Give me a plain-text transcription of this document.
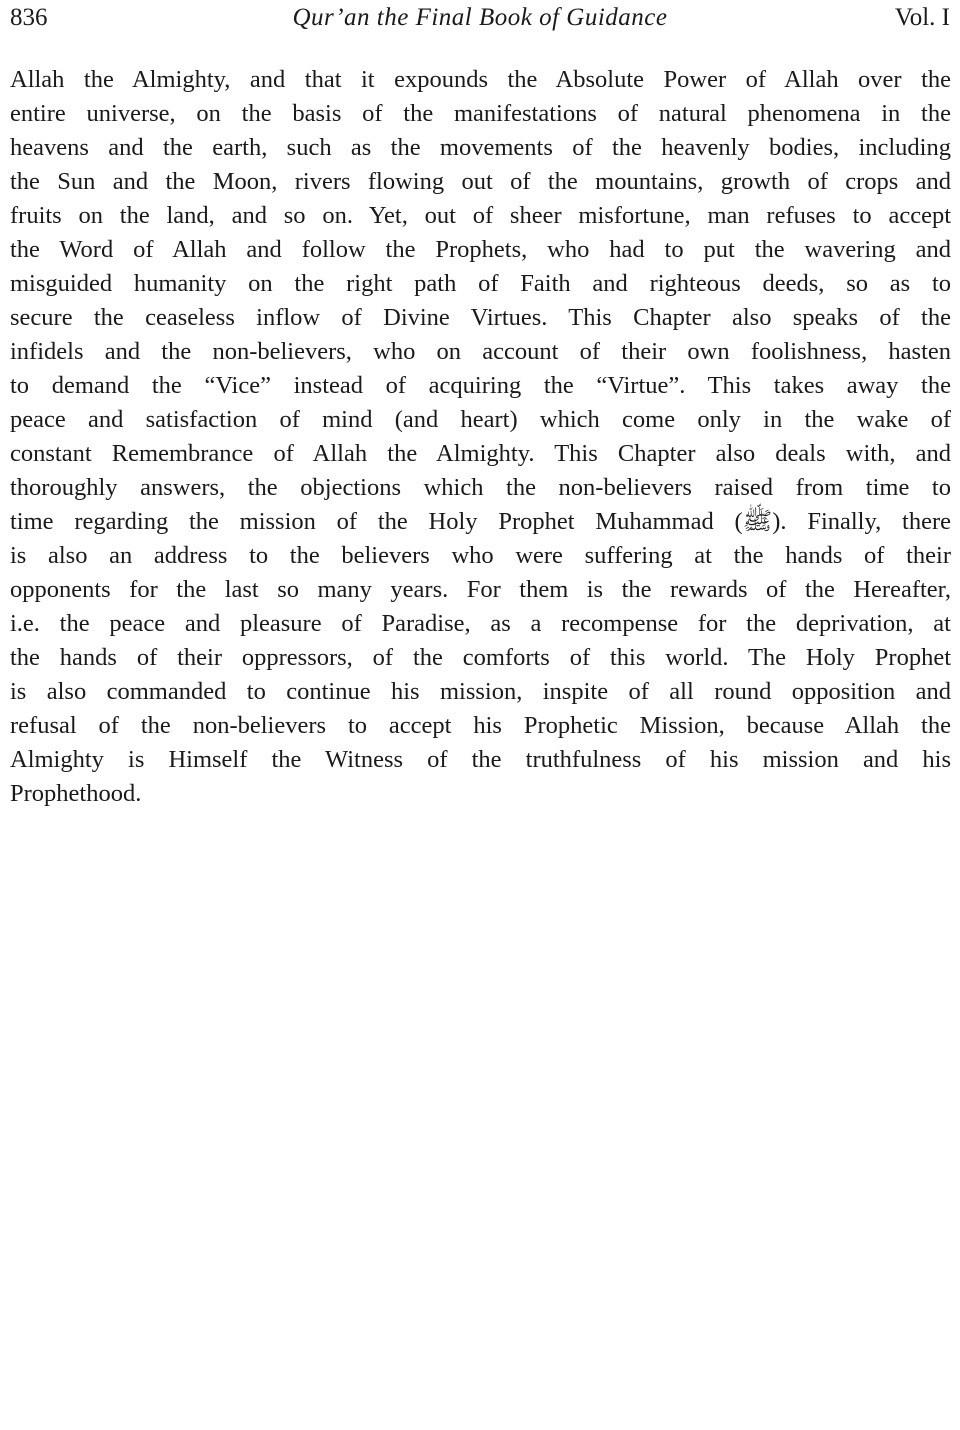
836	Qur’an the Final Book of Guidance	Vol. I
Allah the Almighty, and that it expounds the Absolute Power of Allah over the
entire universe, on the basis of the manifestations of natural phenomena in the
heavens and the earth, such as the movements of the heavenly bodies, including
the Sun and the Moon, rivers flowing out of the mountains, growth of crops and
fruits on the land, and so on. Yet, out of sheer misfortune, man refuses to accept
the Word of Allah and follow the Prophets, who had to put the wavering and
misguided humanity on the right path of Faith and righteous deeds, so as to
secure the ceaseless inflow of Divine Virtues. This Chapter also speaks of the
infidels and the non-believers, who on account of their own foolishness, hasten
to demand the “Vice” instead of acquiring the “Virtue”. This takes away the
peace and satisfaction of mind (and heart) which come only in the wake of
constant Remembrance of Allah the Almighty. This Chapter also deals with, and
thoroughly answers, the objections which the non-believers raised from time to
time regarding the mission of the Holy Prophet Muhammad (ﷺ). Finally, there
is also an address to the believers who were suffering at the hands of their
opponents for the last so many years. For them is the rewards of the Hereafter,
i.e. the peace and pleasure of Paradise, as a recompense for the deprivation, at
the hands of their oppressors, of the comforts of this world. The Holy Prophet
is also commanded to continue his mission, inspite of all round opposition and
refusal of the non-believers to accept his Prophetic Mission, because Allah the
Almighty is Himself the Witness of the truthfulness of his mission and his
Prophethood.
